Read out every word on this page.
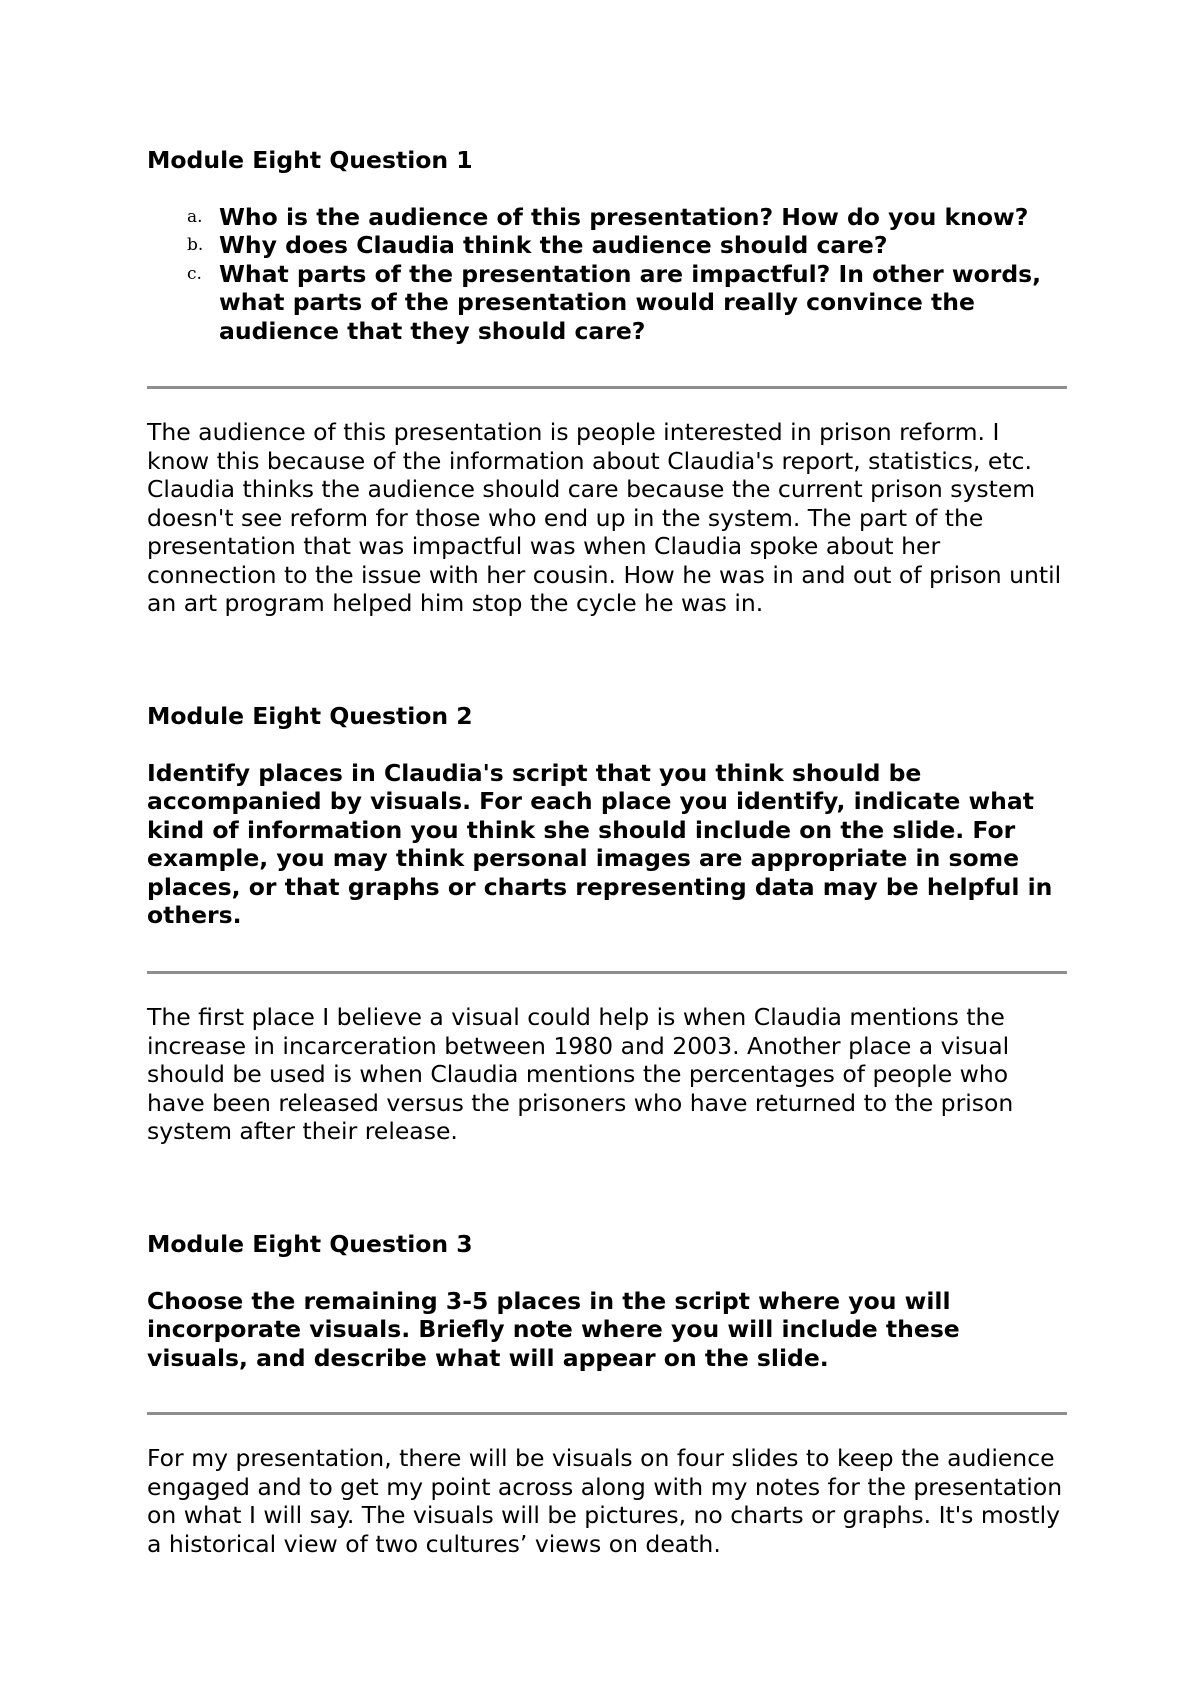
Module Eight Question 1

a. Who is the audience of this presentation? How do you know?
b. Why does Claudia think the audience should care?
c. What parts of the presentation are impactful? In other words, what parts of the presentation would really convince the audience that they should care?

The audience of this presentation is people interested in prison reform. I know this because of the information about Claudia's report, statistics, etc. Claudia thinks the audience should care because the current prison system doesn't see reform for those who end up in the system. The part of the presentation that was impactful was when Claudia spoke about her connection to the issue with her cousin. How he was in and out of prison until an art program helped him stop the cycle he was in.

Module Eight Question 2

Identify places in Claudia's script that you think should be accompanied by visuals. For each place you identify, indicate what kind of information you think she should include on the slide. For example, you may think personal images are appropriate in some places, or that graphs or charts representing data may be helpful in others.

The first place I believe a visual could help is when Claudia mentions the increase in incarceration between 1980 and 2003. Another place a visual should be used is when Claudia mentions the percentages of people who have been released versus the prisoners who have returned to the prison system after their release.

Module Eight Question 3

Choose the remaining 3-5 places in the script where you will incorporate visuals. Briefly note where you will include these visuals, and describe what will appear on the slide.

For my presentation, there will be visuals on four slides to keep the audience engaged and to get my point across along with my notes for the presentation on what I will say. The visuals will be pictures, no charts or graphs. It's mostly a historical view of two cultures’ views on death.
